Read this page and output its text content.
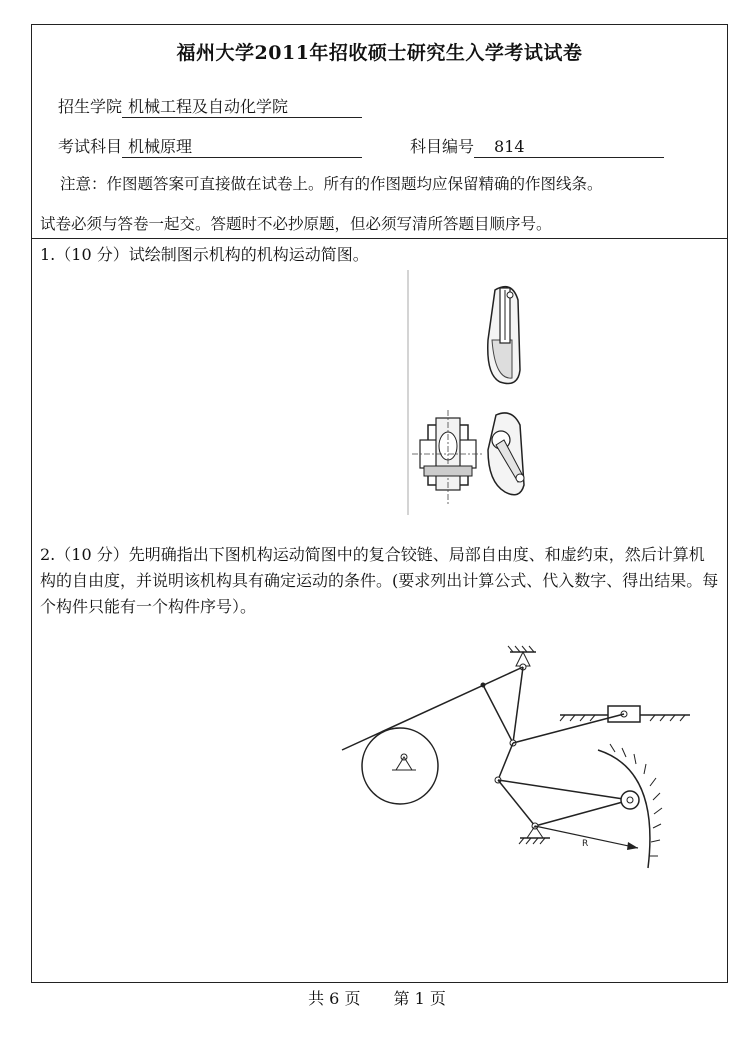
福州大学2011年招收硕士研究生入学考试试卷
招生学院 机械工程及自动化学院
考试科目 机械原理	科目编号 814
注意：作图题答案可直接做在试卷上。所有的作图题均应保留精确的作图线条。
试卷必须与答卷一起交。答题时不必抄原题，但必须写清所答题目顺序号。
1.（10 分）试绘制图示机构的机构运动简图。
2.（10 分）先明确指出下图机构运动简图中的复合铰链、局部自由度、和虚约束，然后计算机构的自由度，并说明该机构具有确定运动的条件。(要求列出计算公式、代入数字、得出结果。每个构件只能有一个构件序号）。
R
共 6 页 第 1 页
